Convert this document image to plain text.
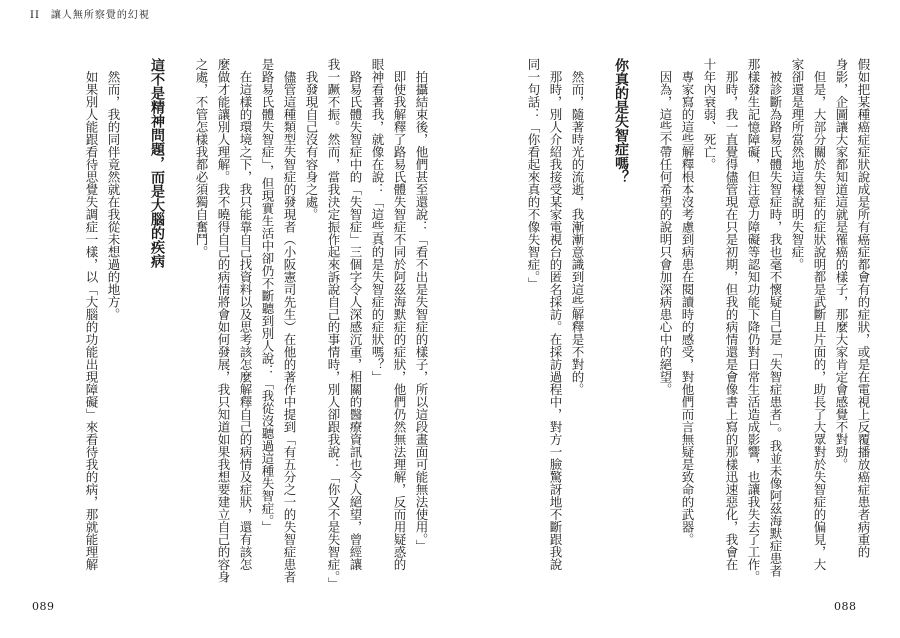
II　讓人無所察覺的幻視
　拍攝結束後，他們甚至還說：「看不出是失智症的樣子，所以這段畫面可能無法使用。」
　即使我解釋了路易氏體失智症不同於阿茲海默症的症狀，他們仍然無法理解，反而用疑惑的
眼神看著我，就像在說：「這些真的是失智症的症狀嗎？」
　路易氏體失智症中的「失智症」三個字令人深感沉重，相關的醫療資訊也令人絕望，曾經讓
我一蹶不振。然而，當我決定振作起來訴說自己的事情時，別人卻跟我說：「你又不是失智症。」
　我發現自己沒有容身之處。
　儘管這種類型失智症的發現者（小阪憲司先生）在他的著作中提到「有五分之一的失智症患者
是路易氏體失智症」，但現實生活中卻仍不斷聽到別人說：「我從沒聽過這種失智症。」
　在這樣的環境之下，我只能靠自己找資料以及思考該怎麼解釋自己的病情及症狀，還有該怎
麼做才能讓別人理解。我不曉得自己的病情將會如何發展，我只知道如果我想要建立自己的容身
之處，不管怎樣我都必須獨自奮鬥。
這不是精神問題，而是大腦的疾病
　然而，我的同伴竟然就在我從未想過的地方。
　如果別人能跟看待思覺失調症一樣，以「大腦的功能出現障礙」來看待我的病，那就能理解
089
假如把某種癌症症狀說成是所有癌症都會有的症狀，或是在電視上反覆播放癌症患者病重的
身影，企圖讓大家都知道這就是罹癌的樣子，那麼大家肯定會感覺不對勁。
　但是，大部分關於失智症的症狀說明都是武斷且片面的，助長了大眾對於失智症的偏見，大
家卻還是理所當然地這樣說明失智症。
　被診斷為路易氏體失智症時，我也毫不懷疑自己是「失智症患者」。我並未像阿茲海默症患者
那樣發生記憶障礙，但注意力障礙等認知功能下降仍對日常生活造成影響，也讓我失去了工作。
　那時，我一直覺得儘管現在只是初期，但我的病情還是會像書上寫的那樣迅速惡化，我會在
十年內衰弱、死亡。
　專家寫的這些解釋根本沒考慮到病患在閱讀時的感受，對他們而言無疑是致命的武器。
　因為，這些不帶任何希望的說明只會加深病患心中的絕望。
你真的是失智症嗎？
　然而，隨著時光的流逝，我漸漸意識到這些解釋是不對的。
　那時，別人介紹我接受某家電視台的匿名採訪。在採訪過程中，對方一臉驚訝地不斷跟我說
同一句話：「你看起來真的不像失智症。」
088
